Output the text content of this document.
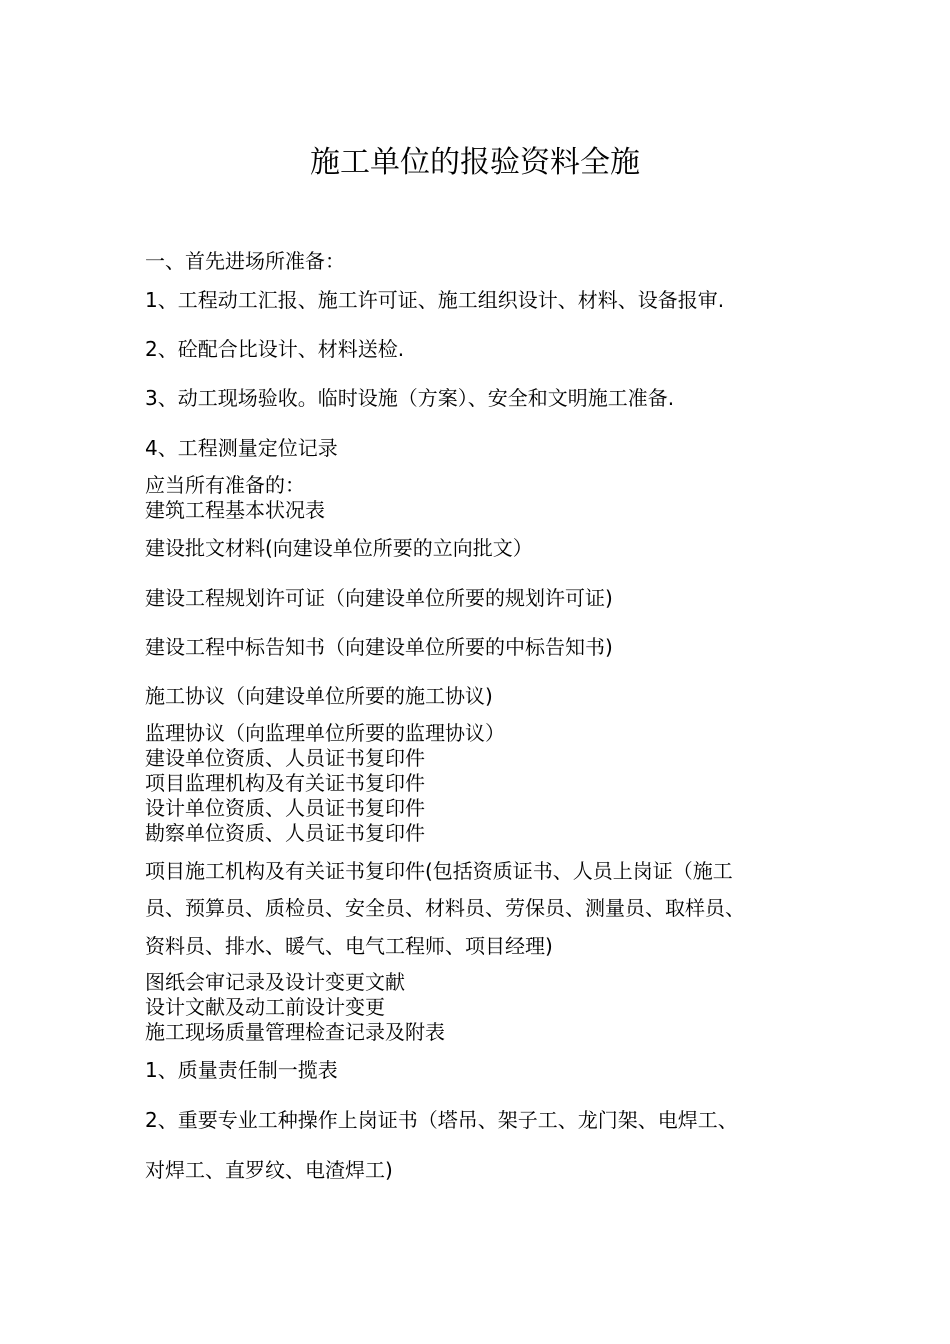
施工单位的报验资料全施

一、首先进场所准备：

1、工程动工汇报、施工许可证、施工组织设计、材料、设备报审.

2、砼配合比设计、材料送检.

3、动工现场验收。临时设施（方案）、安全和文明施工准备.

4、工程测量定位记录

应当所有准备的：

建筑工程基本状况表

建设批文材料(向建设单位所要的立向批文）

建设工程规划许可证（向建设单位所要的规划许可证)

建设工程中标告知书（向建设单位所要的中标告知书)

施工协议（向建设单位所要的施工协议)

监理协议（向监理单位所要的监理协议）

建设单位资质、人员证书复印件

项目监理机构及有关证书复印件

设计单位资质、人员证书复印件

勘察单位资质、人员证书复印件

项目施工机构及有关证书复印件(包括资质证书、人员上岗证（施工

员、预算员、质检员、安全员、材料员、劳保员、测量员、取样员、

资料员、排水、暖气、电气工程师、项目经理)

图纸会审记录及设计变更文献

设计文献及动工前设计变更

施工现场质量管理检查记录及附表

1、质量责任制一揽表

2、重要专业工种操作上岗证书（塔吊、架子工、龙门架、电焊工、

对焊工、直罗纹、电渣焊工)
